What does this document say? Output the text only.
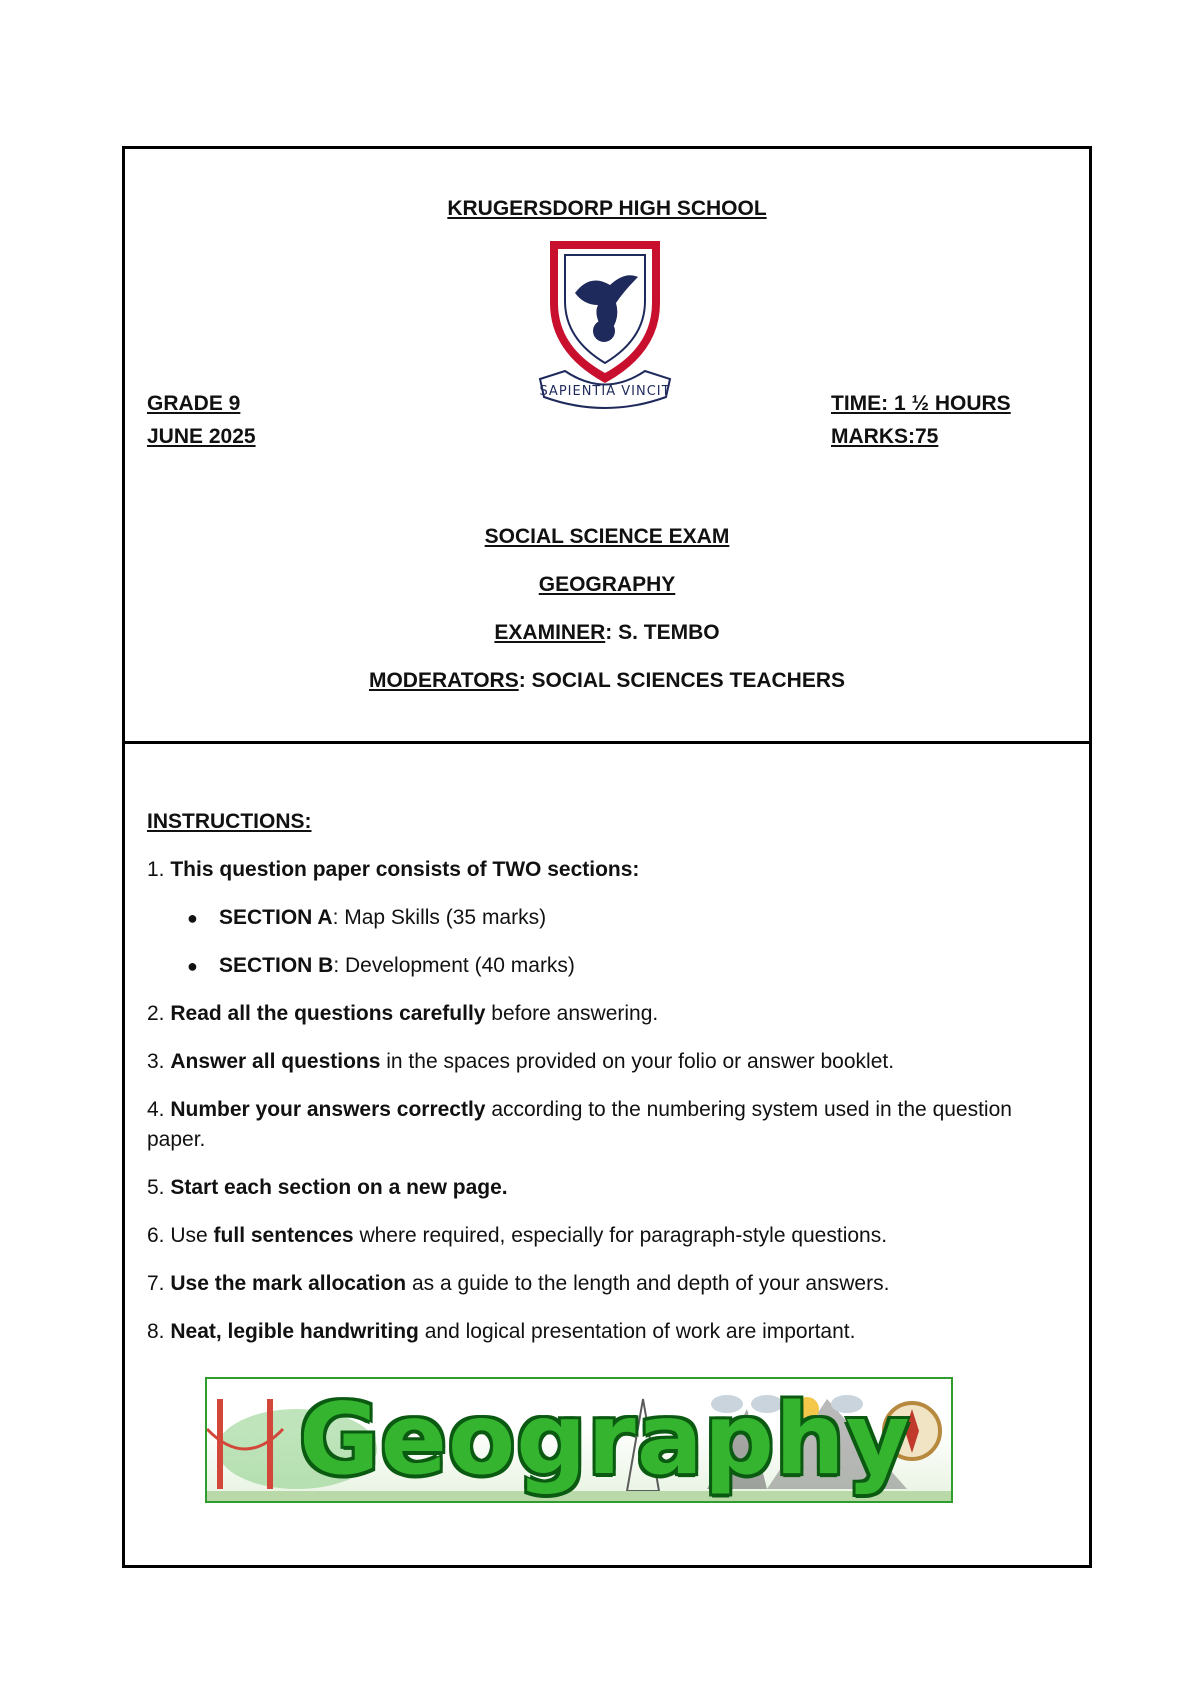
KRUGERSDORP HIGH SCHOOL
SAPIENTIA VINCIT
GRADE 9
JUNE 2025
TIME: 1 ½ HOURS
MARKS:75
SOCIAL SCIENCE EXAM
GEOGRAPHY
EXAMINER: S. TEMBO
MODERATORS: SOCIAL SCIENCES TEACHERS
INSTRUCTIONS:

1. This question paper consists of TWO sections:

● SECTION A: Map Skills (35 marks)
● SECTION B: Development (40 marks)

2. Read all the questions carefully before answering.

3. Answer all questions in the spaces provided on your folio or answer booklet.

4. Number your answers correctly according to the numbering system used in the question paper.

5. Start each section on a new page.

6. Use full sentences where required, especially for paragraph-style questions.

7. Use the mark allocation as a guide to the length and depth of your answers.

8. Neat, legible handwriting and logical presentation of work are important.

Geography
